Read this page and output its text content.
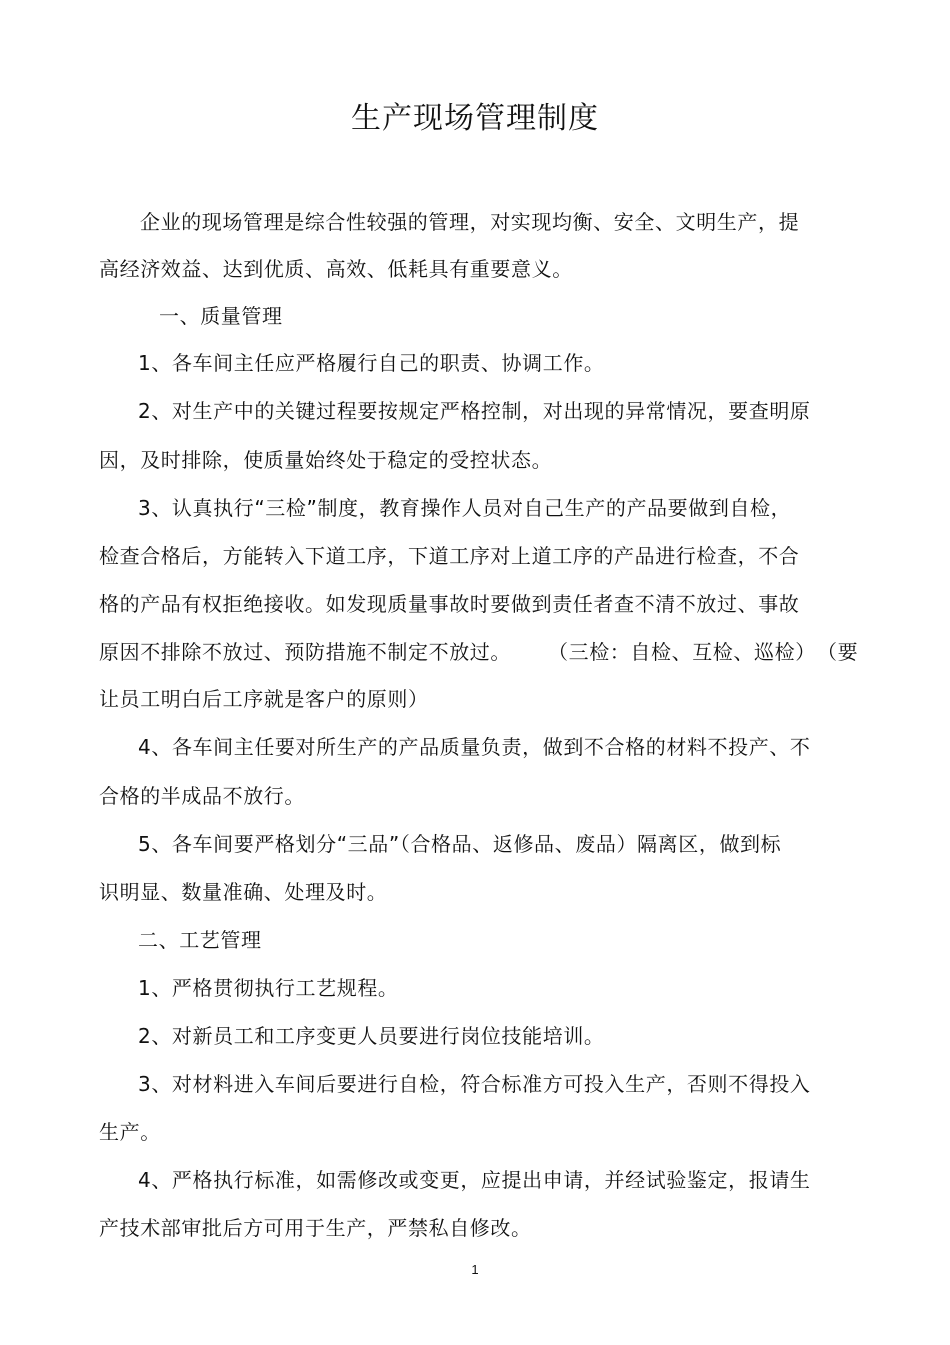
生产现场管理制度
企业的现场管理是综合性较强的管理，对实现均衡、安全、文明生产，提
高经济效益、达到优质、高效、低耗具有重要意义。
一、质量管理
1、各车间主任应严格履行自己的职责、协调工作。
2、对生产中的关键过程要按规定严格控制，对出现的异常情况，要查明原
因，及时排除，使质量始终处于稳定的受控状态。
3、认真执行“三检”制度，教育操作人员对自己生产的产品要做到自检，
检查合格后，方能转入下道工序，下道工序对上道工序的产品进行检查，不合
格的产品有权拒绝接收。如发现质量事故时要做到责任者查不清不放过、事故
原因不排除不放过、预防措施不制定不放过。 （三检：自检、互检、巡检） （要
让员工明白后工序就是客户的原则）
4、各车间主任要对所生产的产品质量负责，做到不合格的材料不投产、不
合格的半成品不放行。
5、各车间要严格划分“三品”（合格品、返修品、废品）隔离区，做到标
识明显、数量准确、处理及时。
二、工艺管理
1、严格贯彻执行工艺规程。
2、对新员工和工序变更人员要进行岗位技能培训。
3、对材料进入车间后要进行自检，符合标准方可投入生产，否则不得投入
生产。
4、严格执行标准，如需修改或变更，应提出申请，并经试验鉴定，报请生
产技术部审批后方可用于生产，严禁私自修改。
1
